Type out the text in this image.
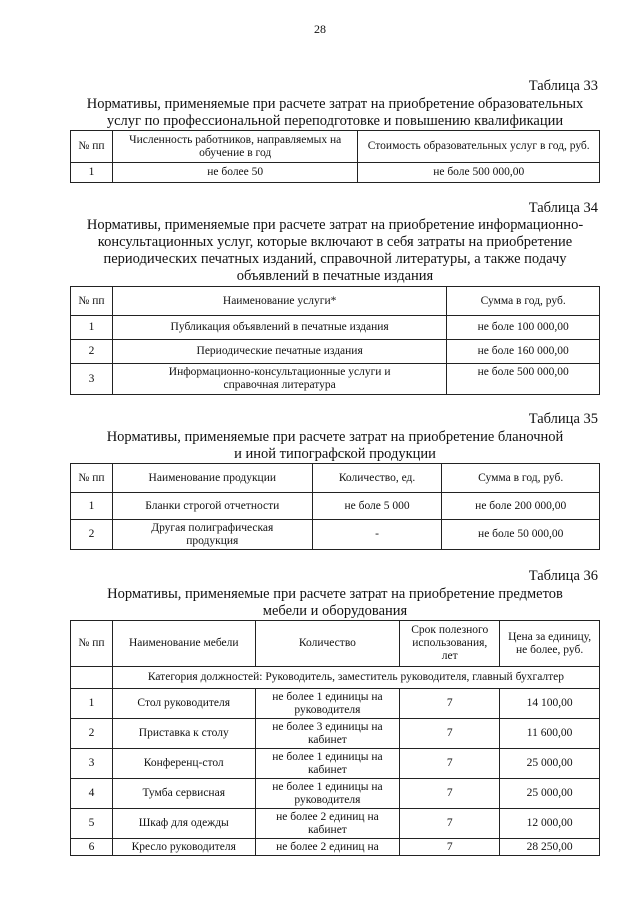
28
Таблица 33
Нормативы, применяемые при расчете затрат на приобретение образовательных
услуг по профессиональной переподготовке и повышению квалификации
№ пп	Численность работников, направляемых на обучение в год	Стоимость образовательных услуг в год, руб.
1	не более 50	не боле 500 000,00
Таблица 34
Нормативы, применяемые при расчете затрат на приобретение информационно-
консультационных услуг, которые включают в себя затраты на приобретение
периодических печатных изданий, справочной литературы, а также подачу
объявлений в печатные издания
№ пп	Наименование услуги*	Сумма в год, руб.
1	Публикация объявлений в печатные издания	не боле 100 000,00
2	Периодические печатные издания	не боле 160 000,00
3	Информационно-консультационные услуги и справочная литература	не боле 500 000,00
Таблица 35
Нормативы, применяемые при расчете затрат на приобретение бланочной
и иной типографской продукции
№ пп	Наименование продукции	Количество, ед.	Сумма в год, руб.
1	Бланки строгой отчетности	не боле 5 000	не боле 200 000,00
2	Другая полиграфическая продукция	-	не боле 50 000,00
Таблица 36
Нормативы, применяемые при расчете затрат на приобретение предметов
мебели и оборудования
№ пп	Наименование мебели	Количество	Срок полезного использования, лет	Цена за единицу, не более, руб.
	Категория должностей: Руководитель, заместитель руководителя, главный бухгалтер			
1	Стол руководителя	не более 1 единицы на руководителя	7	14 100,00
2	Приставка к столу	не более 3 единицы на кабинет	7	11 600,00
3	Конференц-стол	не более 1 единицы на кабинет	7	25 000,00
4	Тумба сервисная	не более 1 единицы на руководителя	7	25 000,00
5	Шкаф для одежды	не более 2 единиц на кабинет	7	12 000,00
6	Кресло руководителя	не более 2 единиц на	7	28 250,00
